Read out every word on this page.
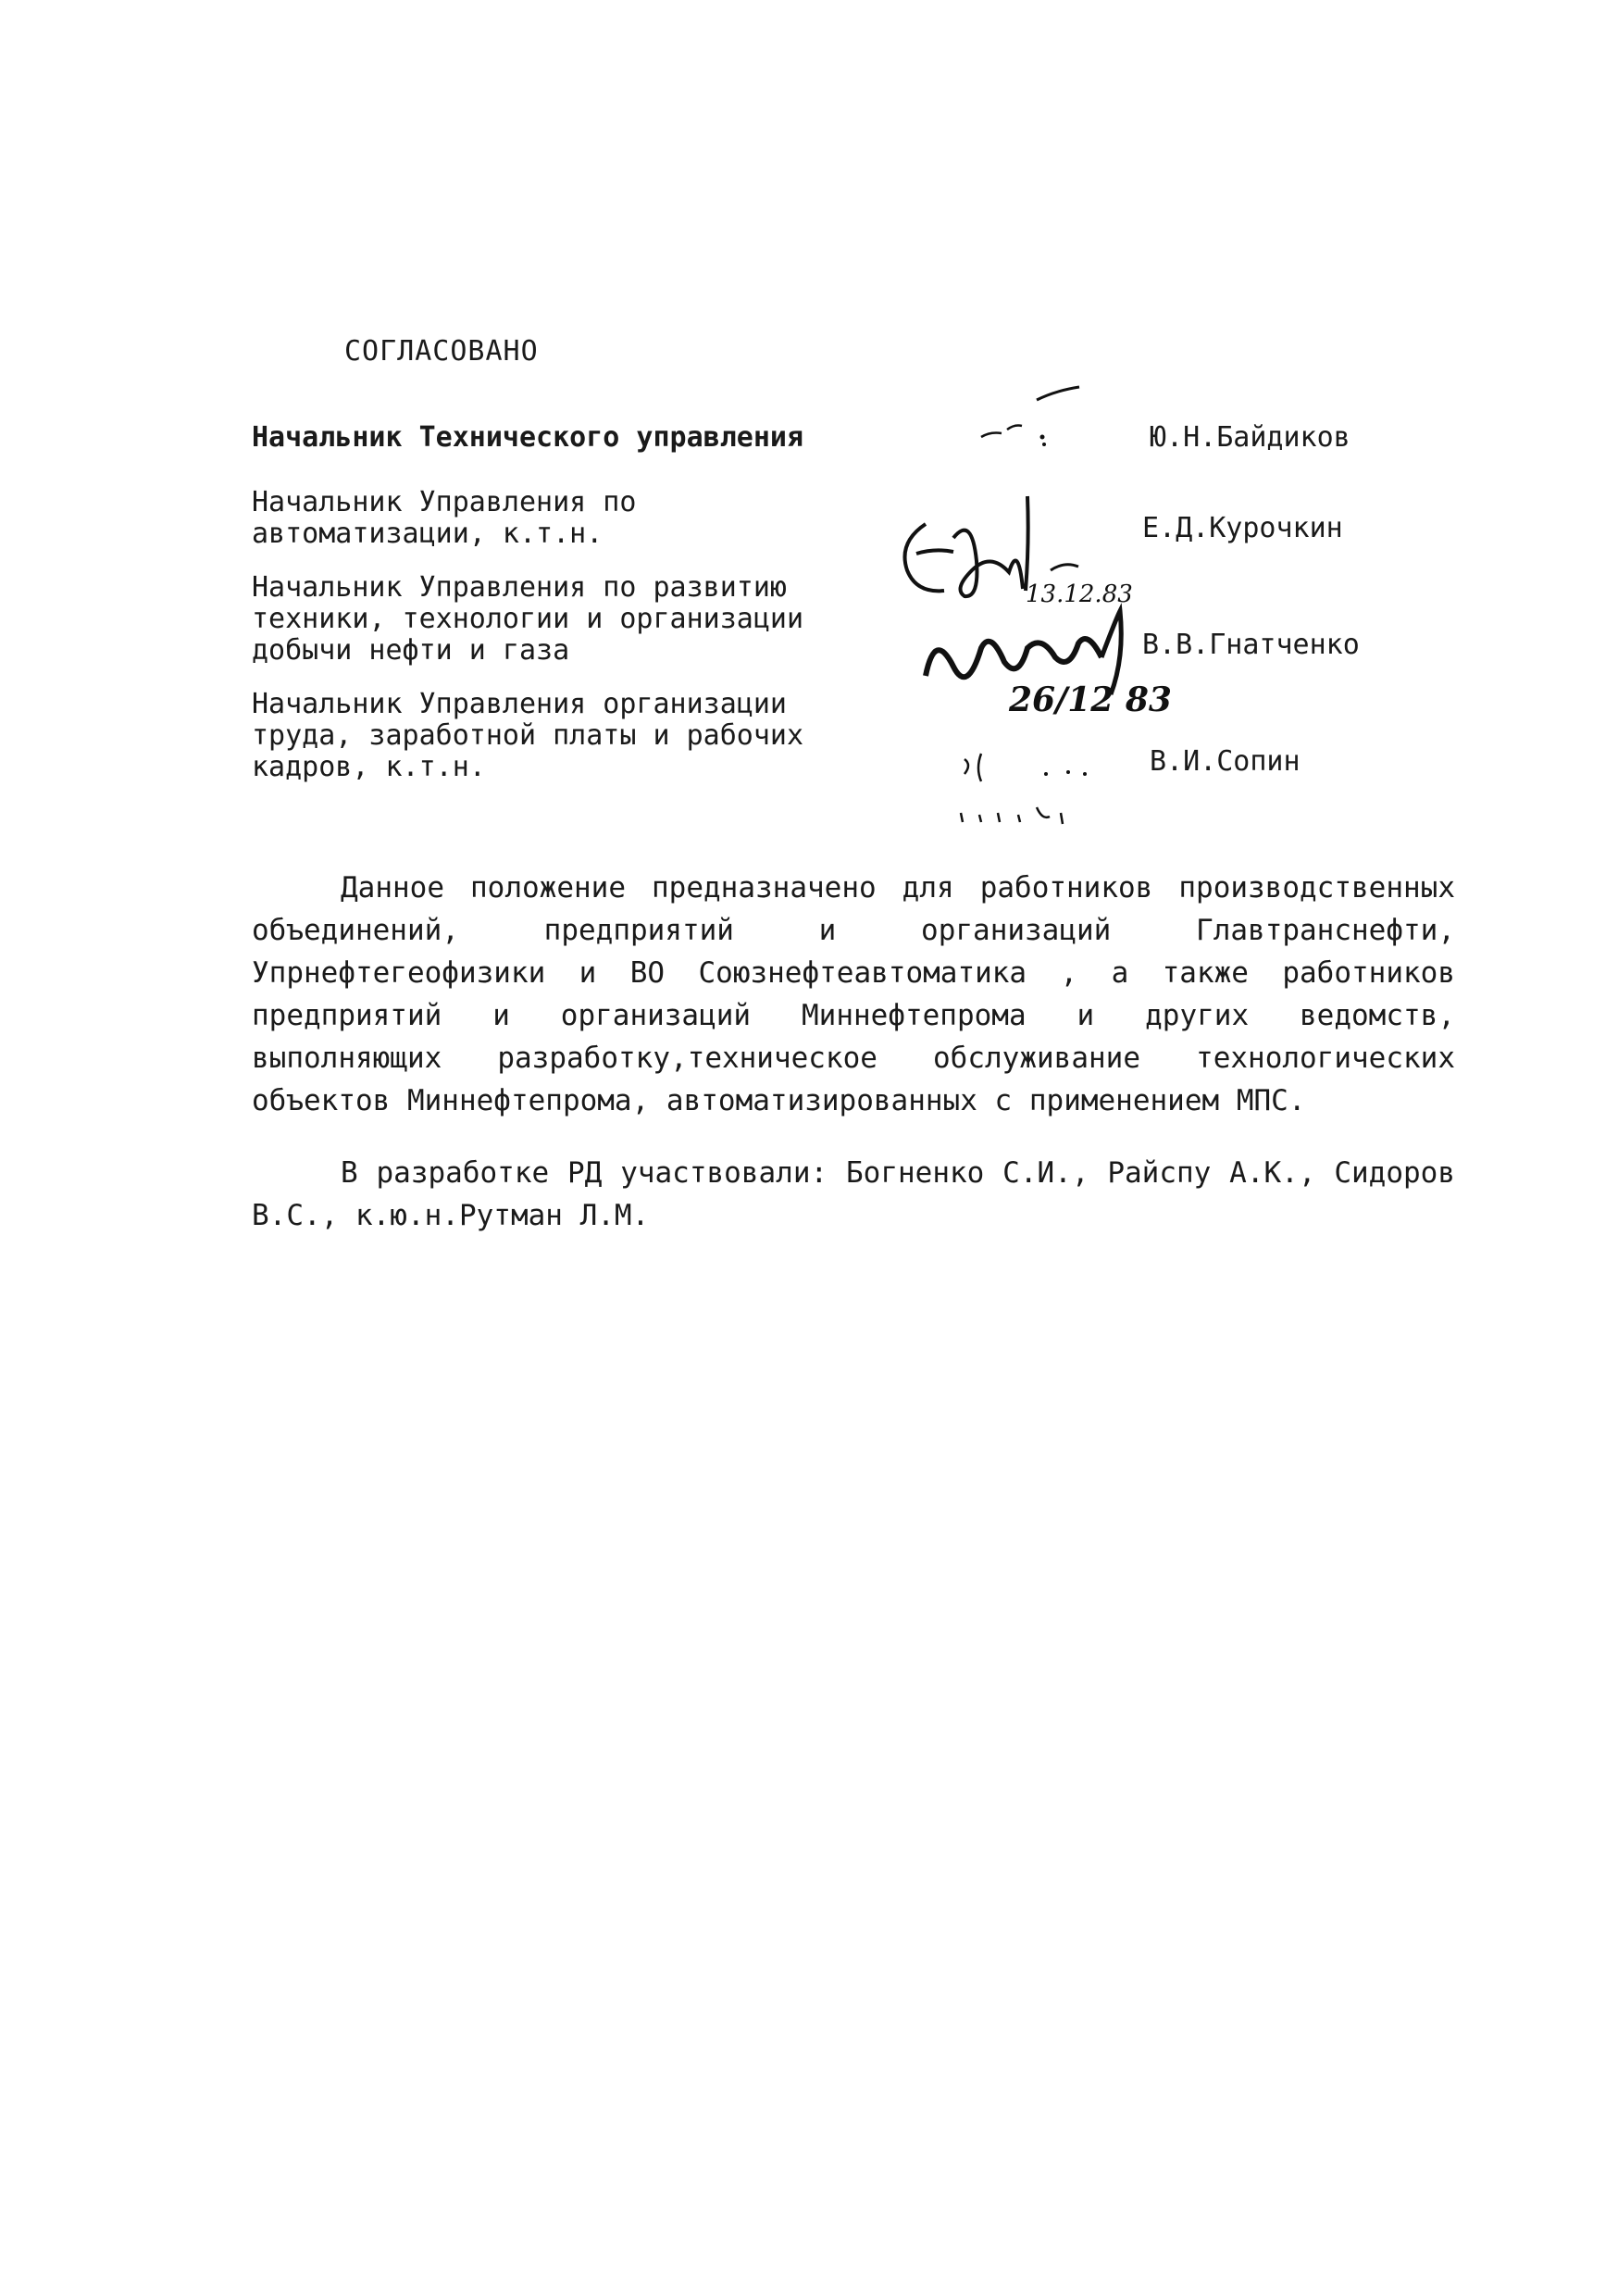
СОГЛАСОВАНО
Начальник Технического управления	Ю.Н.Байдиков
Начальник Управления по
автоматизации, к.т.н.	Е.Д.Курочкин
Начальник Управления по развитию
техники, технологии и организации
добычи нефти и газа	В.В.Гнатченко
Начальник Управления организации
труда, заработной платы и рабочих
кадров, к.т.н.	В.И.Сопин
13.12.83
26/12 83
Данное положение предназначено для работников производственных объединений, предприятий и организаций Главтранснефти, Упрнефтегеофизики и ВО Союзнефтеавтоматика , а также работников предприятий и организаций Миннефтепрома и других ведомств, выполняющих разработку,техническое обслуживание технологических объектов Миннефтепрома, автоматизированных с применением МПС.
В разработке РД участвовали: Богненко С.И., Райспу А.К., Сидоров В.С., к.ю.н.Рутман Л.М.
